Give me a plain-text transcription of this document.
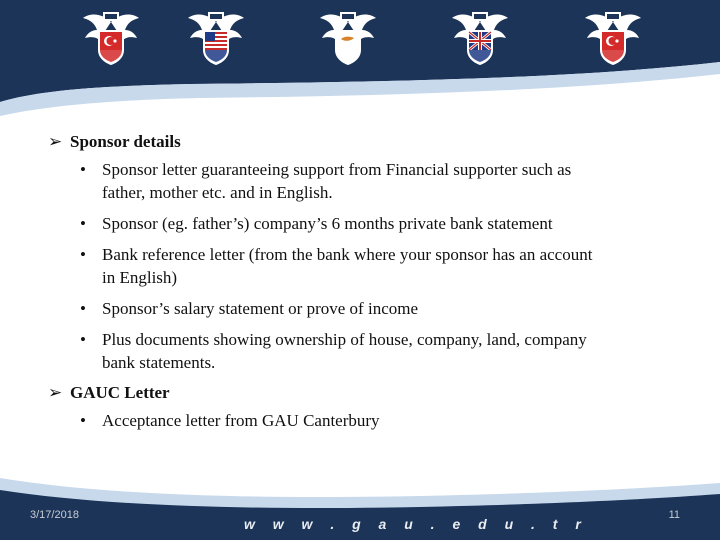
➢ Sponsor details
• Sponsor letter guaranteeing support from Financial supporter such as
father, mother etc. and in English.
• Sponsor (eg. father’s) company’s 6 months private bank statement
• Bank reference letter (from the bank where your sponsor has an account
in English)
• Sponsor’s salary statement or prove of income
• Plus documents showing ownership of house, company, land, company
bank statements.
➢ GAUC Letter
• Acceptance letter from GAU Canterbury
3/17/2018
w w w . g a u . e d u . t r
11
